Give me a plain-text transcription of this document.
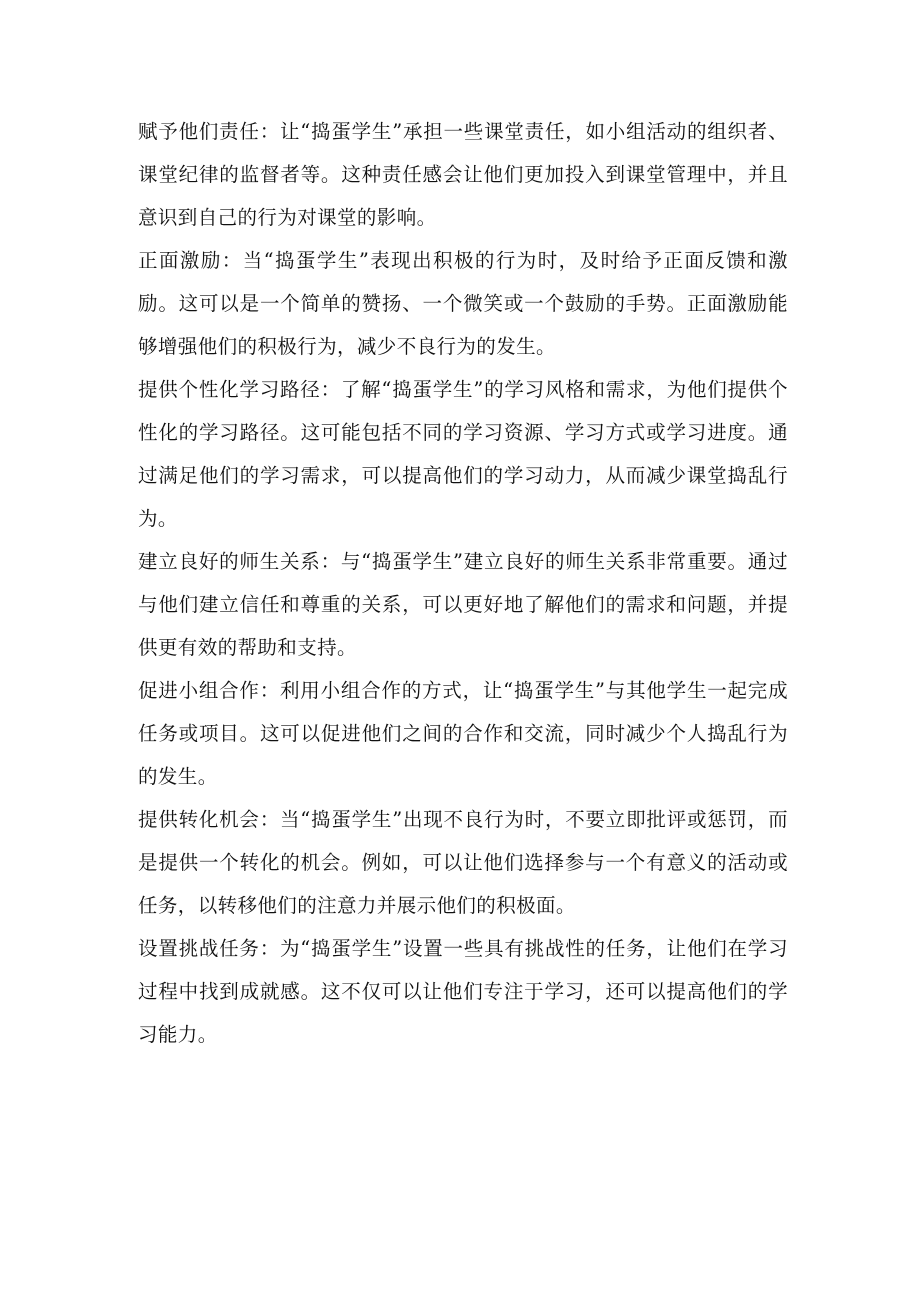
赋予他们责任：让“捣蛋学生”承担一些课堂责任，如小组活动的组织者、课堂纪律的监督者等。这种责任感会让他们更加投入到课堂管理中，并且意识到自己的行为对课堂的影响。

正面激励：当“捣蛋学生”表现出积极的行为时，及时给予正面反馈和激励。这可以是一个简单的赞扬、一个微笑或一个鼓励的手势。正面激励能够增强他们的积极行为，减少不良行为的发生。

提供个性化学习路径：了解“捣蛋学生”的学习风格和需求，为他们提供个性化的学习路径。这可能包括不同的学习资源、学习方式或学习进度。通过满足他们的学习需求，可以提高他们的学习动力，从而减少课堂捣乱行为。

建立良好的师生关系：与“捣蛋学生”建立良好的师生关系非常重要。通过与他们建立信任和尊重的关系，可以更好地了解他们的需求和问题，并提供更有效的帮助和支持。

促进小组合作：利用小组合作的方式，让“捣蛋学生”与其他学生一起完成任务或项目。这可以促进他们之间的合作和交流，同时减少个人捣乱行为的发生。

提供转化机会：当“捣蛋学生”出现不良行为时，不要立即批评或惩罚，而是提供一个转化的机会。例如，可以让他们选择参与一个有意义的活动或任务，以转移他们的注意力并展示他们的积极面。

设置挑战任务：为“捣蛋学生”设置一些具有挑战性的任务，让他们在学习过程中找到成就感。这不仅可以让他们专注于学习，还可以提高他们的学习能力。
